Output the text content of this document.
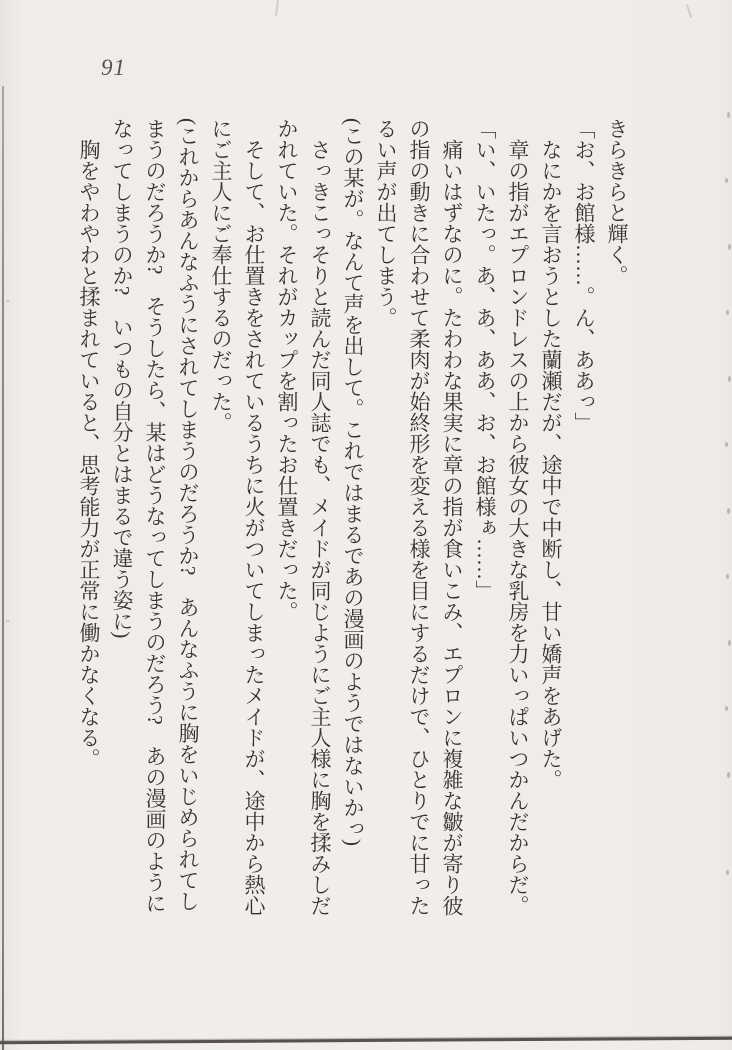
91

きらきらと輝く。

「お、お館様……。ん、ああっ」

なにかを言おうとした蘭瀬だが、途中で中断し、甘い嬌声をあげた。

章の指がエプロンドレスの上から彼女の大きな乳房を力いっぱいつかんだからだ。

「い、いたっ。あ、あ、ああ、お、お館様ぁ……」

痛いはずなのに。たわわな果実に章の指が食いこみ、エプロンに複雑な皺が寄り彼の指の動きに合わせて柔肉が始終形を変える様を目にするだけで、ひとりでに甘ったるい声が出てしまう。

(この某が。なんて声を出して。これではまるであの漫画のようではないかっ)

さっきこっそりと読んだ同人誌でも、メイドが同じようにご主人様に胸を揉みしだかれていた。それがカップを割ったお仕置きだった。

そして、お仕置きをされているうちに火がついてしまったメイドが、途中から熱心にご主人にご奉仕するのだった。

(これからあんなふうにされてしまうのだろうか?　あんなふうに胸をいじめられてしまうのだろうか?　そうしたら、某はどうなってしまうのだろう?　あの漫画のようになってしまうのか?　いつもの自分とはまるで違う姿に)

胸をやわやわと揉まれていると、思考能力が正常に働かなくなる。
